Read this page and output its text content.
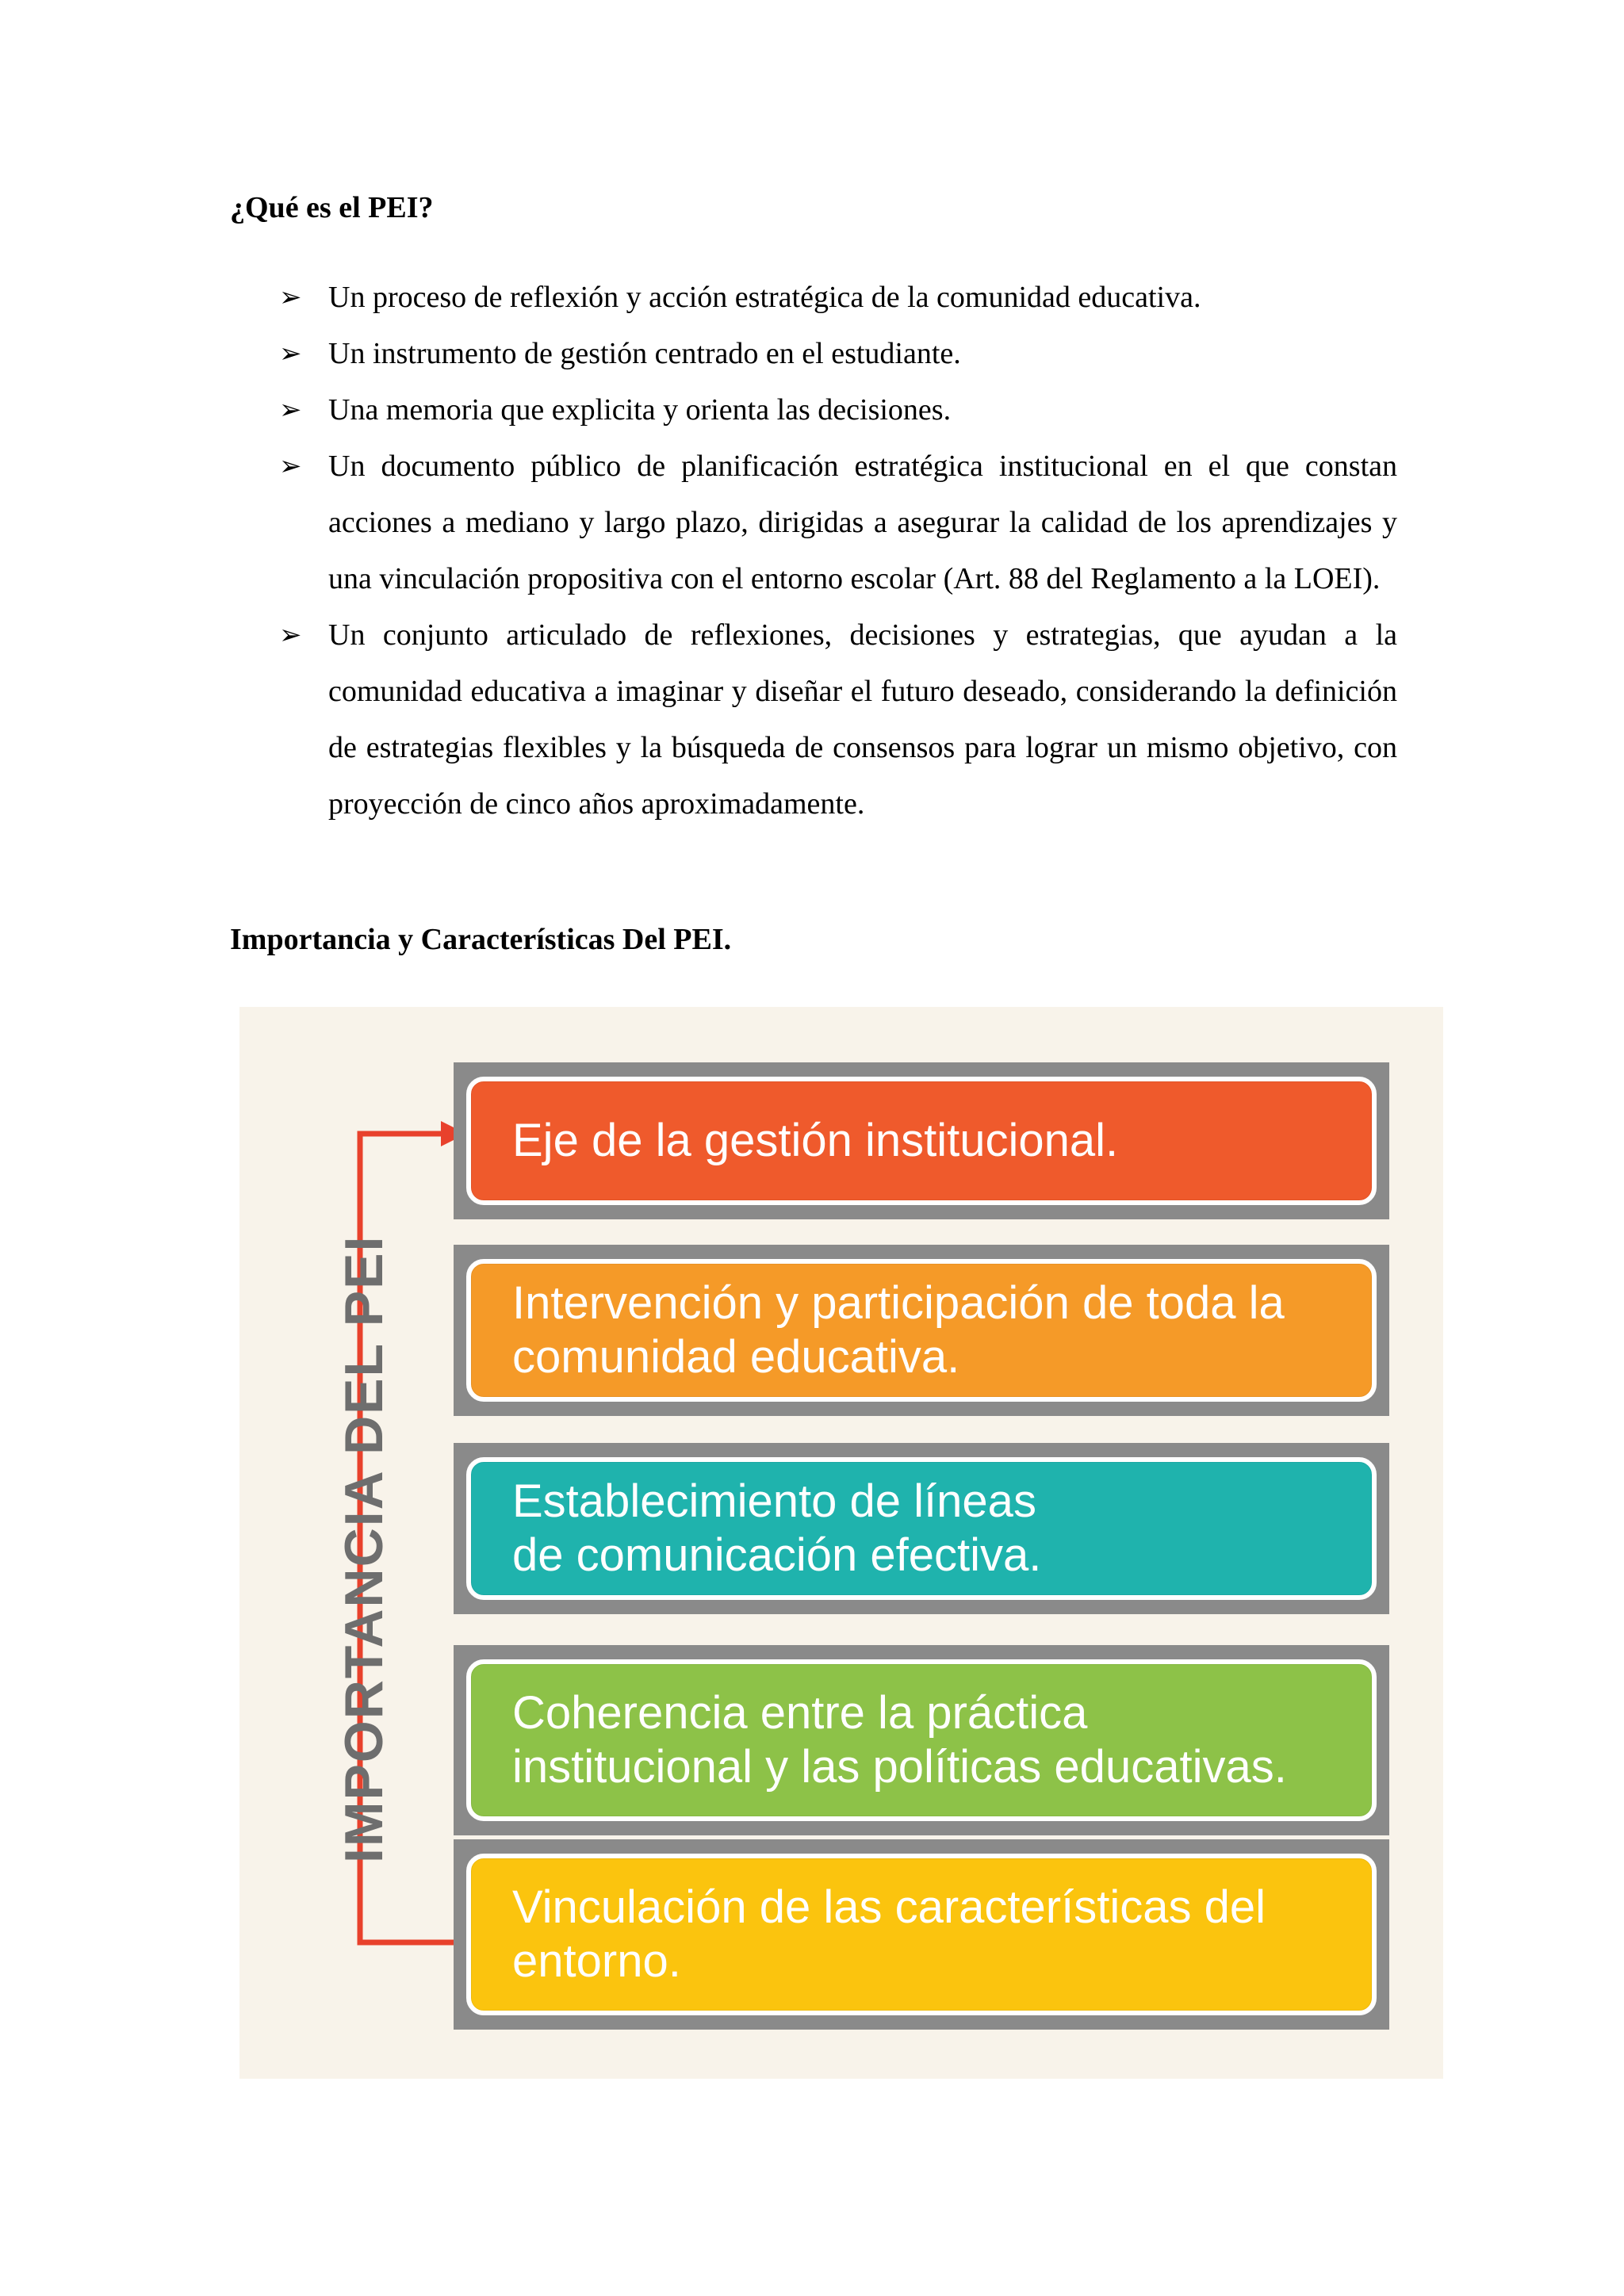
¿Qué es el PEI?
➢ Un proceso de reflexión y acción estratégica de la comunidad educativa.
➢ Un instrumento de gestión centrado en el estudiante.
➢ Una memoria que explicita y orienta las decisiones.
➢ Un documento público de planificación estratégica institucional en el que constan acciones a mediano y largo plazo, dirigidas a asegurar la calidad de los aprendizajes y una vinculación propositiva con el entorno escolar (Art. 88 del Reglamento a la LOEI).
➢ Un conjunto articulado de reflexiones, decisiones y estrategias, que ayudan a la comunidad educativa a imaginar y diseñar el futuro deseado, considerando la definición de estrategias flexibles y la búsqueda de consensos para lograr un mismo objetivo, con proyección de cinco años aproximadamente.
Importancia y Características Del PEI.
IMPORTANCIA DEL PEI
Eje de la gestión institucional.
Intervención y participación de toda la
comunidad educativa.
Establecimiento de líneas
de comunicación efectiva.
Coherencia entre la práctica
institucional y las políticas educativas.
Vinculación de las características del
entorno.
